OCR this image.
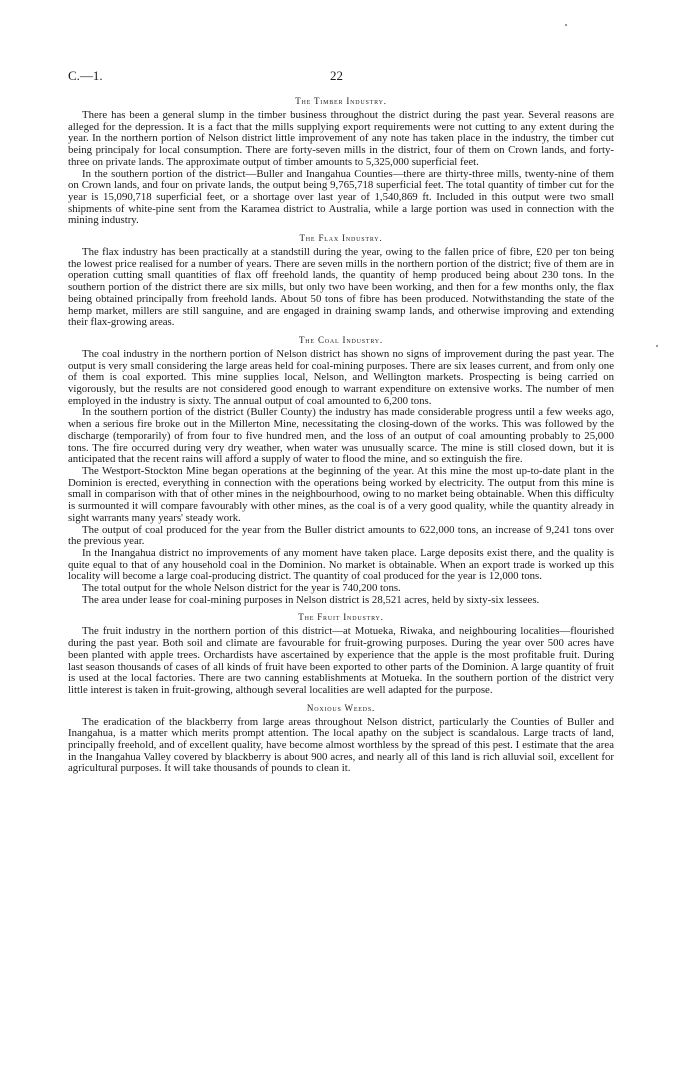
C.—1.	22
The Timber Industry.

There has been a general slump in the timber business throughout the district during the past year. Several reasons are alleged for the depression. It is a fact that the mills supplying export requirements were not cutting to any extent during the year. In the northern portion of Nelson district little improvement of any note has taken place in the industry, the timber cut being principaly for local consumption. There are forty-seven mills in the district, four of them on Crown lands, and forty-three on private lands. The approximate output of timber amounts to 5,325,000 superficial feet.

In the southern portion of the district—Buller and Inangahua Counties—there are thirty-three mills, twenty-nine of them on Crown lands, and four on private lands, the output being 9,765,718 superficial feet. The total quantity of timber cut for the year is 15,090,718 superficial feet, or a shortage over last year of 1,540,869 ft. Included in this output were two small shipments of white-pine sent from the Karamea district to Australia, while a large portion was used in connection with the mining industry.

The Flax Industry.

The flax industry has been practically at a standstill during the year, owing to the fallen price of fibre, £20 per ton being the lowest price realised for a number of years. There are seven mills in the northern portion of the district; five of them are in operation cutting small quantities of flax off freehold lands, the quantity of hemp produced being about 230 tons. In the southern portion of the district there are six mills, but only two have been working, and then for a few months only, the flax being obtained principally from freehold lands. About 50 tons of fibre has been produced. Notwithstanding the state of the hemp market, millers are still sanguine, and are engaged in draining swamp lands, and otherwise improving and extending their flax-growing areas.

The Coal Industry.

The coal industry in the northern portion of Nelson district has shown no signs of improvement during the past year. The output is very small considering the large areas held for coal-mining purposes. There are six leases current, and from only one of them is coal exported. This mine supplies local, Nelson, and Wellington markets. Prospecting is being carried on vigorously, but the results are not considered good enough to warrant expenditure on extensive works. The number of men employed in the industry is sixty. The annual output of coal amounted to 6,200 tons.

In the southern portion of the district (Buller County) the industry has made considerable progress until a few weeks ago, when a serious fire broke out in the Millerton Mine, necessitating the closing-down of the works. This was followed by the discharge (temporarily) of from four to five hundred men, and the loss of an output of coal amounting probably to 25,000 tons. The fire occurred during very dry weather, when water was unusually scarce. The mine is still closed down, but it is anticipated that the recent rains will afford a supply of water to flood the mine, and so extinguish the fire.

The Westport-Stockton Mine began operations at the beginning of the year. At this mine the most up-to-date plant in the Dominion is erected, everything in connection with the operations being worked by electricity. The output from this mine is small in comparison with that of other mines in the neighbourhood, owing to no market being obtainable. When this difficulty is surmounted it will compare favourably with other mines, as the coal is of a very good quality, while the quantity already in sight warrants many years' steady work.

The output of coal produced for the year from the Buller district amounts to 622,000 tons, an increase of 9,241 tons over the previous year.

In the Inangahua district no improvements of any moment have taken place. Large deposits exist there, and the quality is quite equal to that of any household coal in the Dominion. No market is obtainable. When an export trade is worked up this locality will become a large coal-producing district. The quantity of coal produced for the year is 12,000 tons.

The total output for the whole Nelson district for the year is 740,200 tons.

The area under lease for coal-mining purposes in Nelson district is 28,521 acres, held by sixty-six lessees.

The Fruit Industry.

The fruit industry in the northern portion of this district—at Motueka, Riwaka, and neighbouring localities—flourished during the past year. Both soil and climate are favourable for fruit-growing purposes. During the year over 500 acres have been planted with apple trees. Orchardists have ascertained by experience that the apple is the most profitable fruit. During last season thousands of cases of all kinds of fruit have been exported to other parts of the Dominion. A large quantity of fruit is used at the local factories. There are two canning establishments at Motueka. In the southern portion of the district very little interest is taken in fruit-growing, although several localities are well adapted for the purpose.

Noxious Weeds.

The eradication of the blackberry from large areas throughout Nelson district, particularly the Counties of Buller and Inangahua, is a matter which merits prompt attention. The local apathy on the subject is scandalous. Large tracts of land, principally freehold, and of excellent quality, have become almost worthless by the spread of this pest. I estimate that the area in the Inangahua Valley covered by blackberry is about 900 acres, and nearly all of this land is rich alluvial soil, excellent for agricultural purposes. It will take thousands of pounds to clean it.
